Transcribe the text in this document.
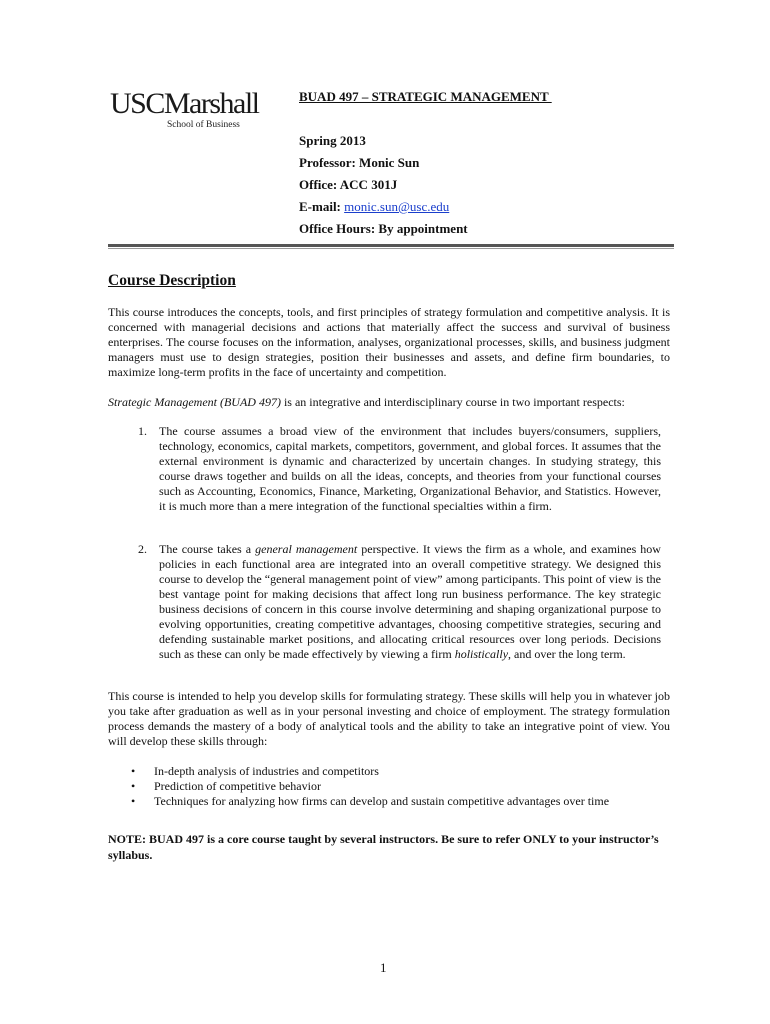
USCMarshall
School of Business
BUAD 497 – STRATEGIC MANAGEMENT
Spring 2013
Professor: Monic Sun
Office: ACC 301J
E-mail: monic.sun@usc.edu
Office Hours: By appointment
Course Description
This course introduces the concepts, tools, and first principles of strategy formulation and competitive analysis. It is concerned with managerial decisions and actions that materially affect the success and survival of business enterprises. The course focuses on the information, analyses, organizational processes, skills, and business judgment managers must use to design strategies, position their businesses and assets, and define firm boundaries, to maximize long-term profits in the face of uncertainty and competition.
Strategic Management (BUAD 497) is an integrative and interdisciplinary course in two important respects:
1. The course assumes a broad view of the environment that includes buyers/consumers, suppliers, technology, economics, capital markets, competitors, government, and global forces. It assumes that the external environment is dynamic and characterized by uncertain changes. In studying strategy, this course draws together and builds on all the ideas, concepts, and theories from your functional courses such as Accounting, Economics, Finance, Marketing, Organizational Behavior, and Statistics. However, it is much more than a mere integration of the functional specialties within a firm.
2. The course takes a general management perspective. It views the firm as a whole, and examines how policies in each functional area are integrated into an overall competitive strategy. We designed this course to develop the “general management point of view” among participants. This point of view is the best vantage point for making decisions that affect long run business performance. The key strategic business decisions of concern in this course involve determining and shaping organizational purpose to evolving opportunities, creating competitive advantages, choosing competitive strategies, securing and defending sustainable market positions, and allocating critical resources over long periods. Decisions such as these can only be made effectively by viewing a firm holistically, and over the long term.
This course is intended to help you develop skills for formulating strategy. These skills will help you in whatever job you take after graduation as well as in your personal investing and choice of employment. The strategy formulation process demands the mastery of a body of analytical tools and the ability to take an integrative point of view. You will develop these skills through:
• In-depth analysis of industries and competitors
• Prediction of competitive behavior
• Techniques for analyzing how firms can develop and sustain competitive advantages over time
NOTE: BUAD 497 is a core course taught by several instructors. Be sure to refer ONLY to your instructor’s syllabus.
1
